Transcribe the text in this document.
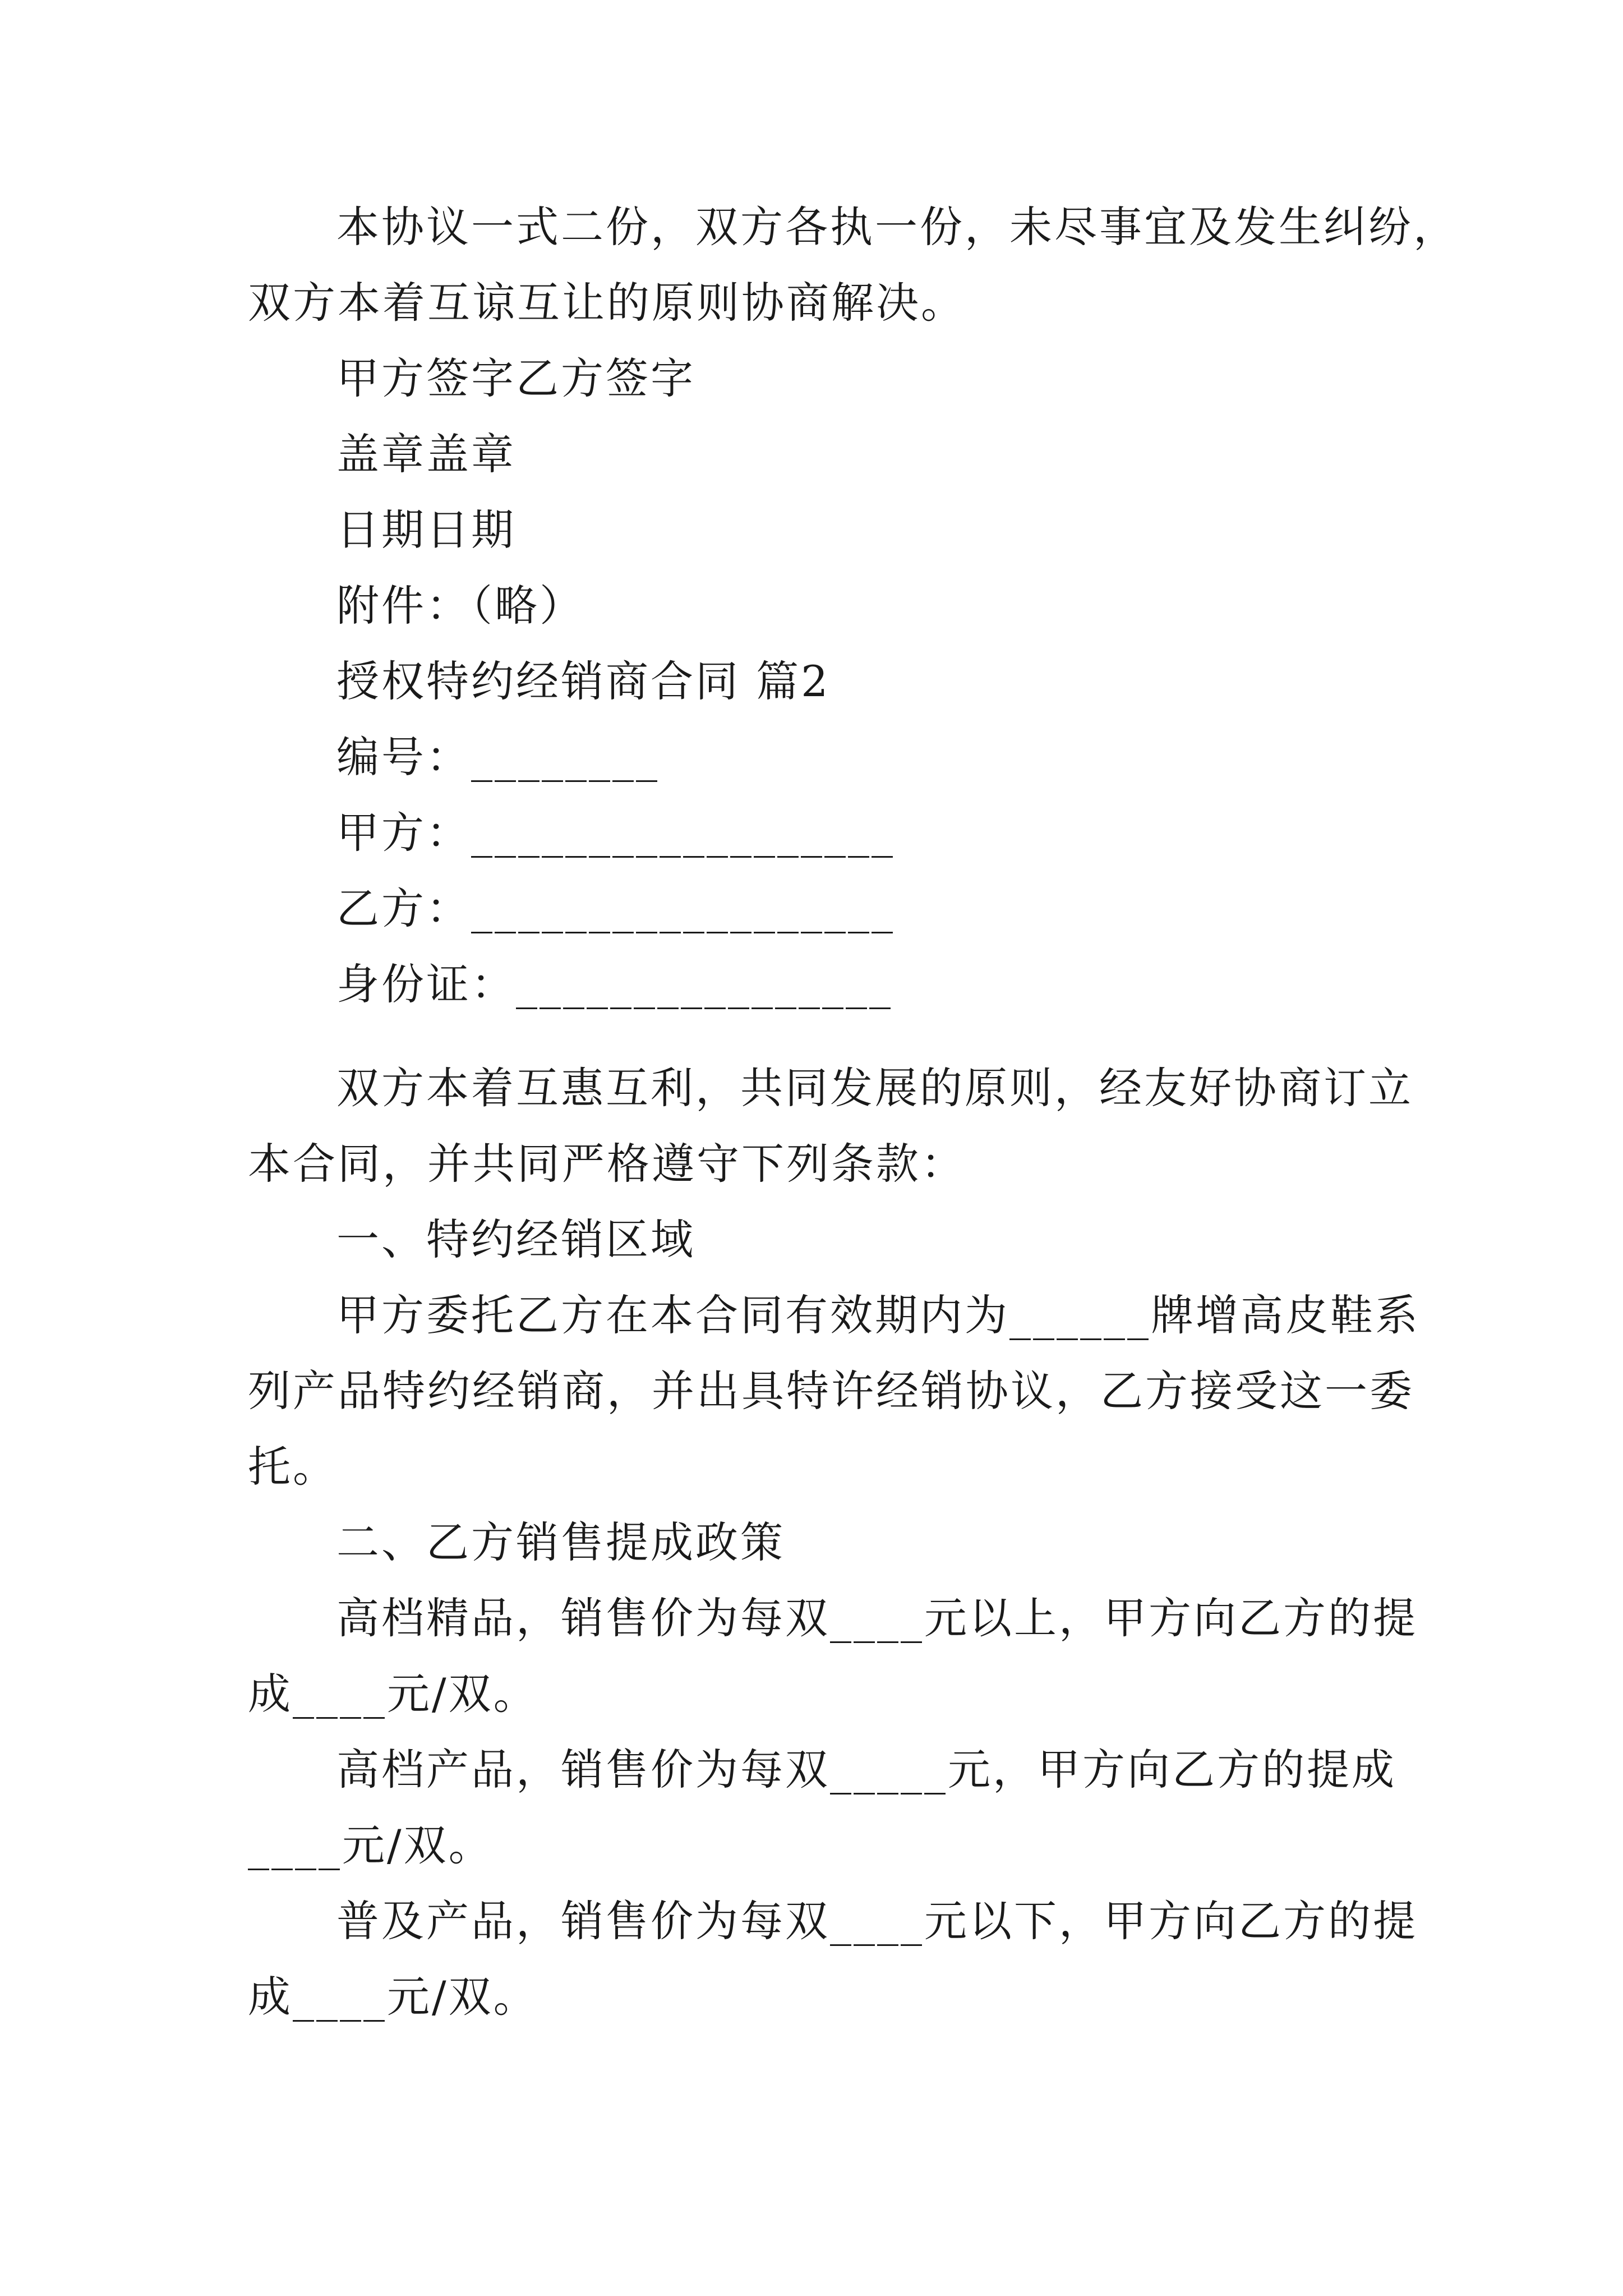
本协议一式二份，双方各执一份，未尽事宜及发生纠纷，
双方本着互谅互让的原则协商解决。
甲方签字乙方签字
盖章盖章
日期日期
附件：（略）
授权特约经销商合同 篇2
编号：________
甲方：__________________
乙方：__________________
身份证：________________
双方本着互惠互利，共同发展的原则，经友好协商订立
本合同，并共同严格遵守下列条款：
一、特约经销区域
甲方委托乙方在本合同有效期内为______牌增高皮鞋系
列产品特约经销商，并出具特许经销协议，乙方接受这一委
托。
二、乙方销售提成政策
高档精品，销售价为每双____元以上，甲方向乙方的提
成____元/双。
高档产品，销售价为每双_____元，甲方向乙方的提成
____元/双。
普及产品，销售价为每双____元以下，甲方向乙方的提
成____元/双。
